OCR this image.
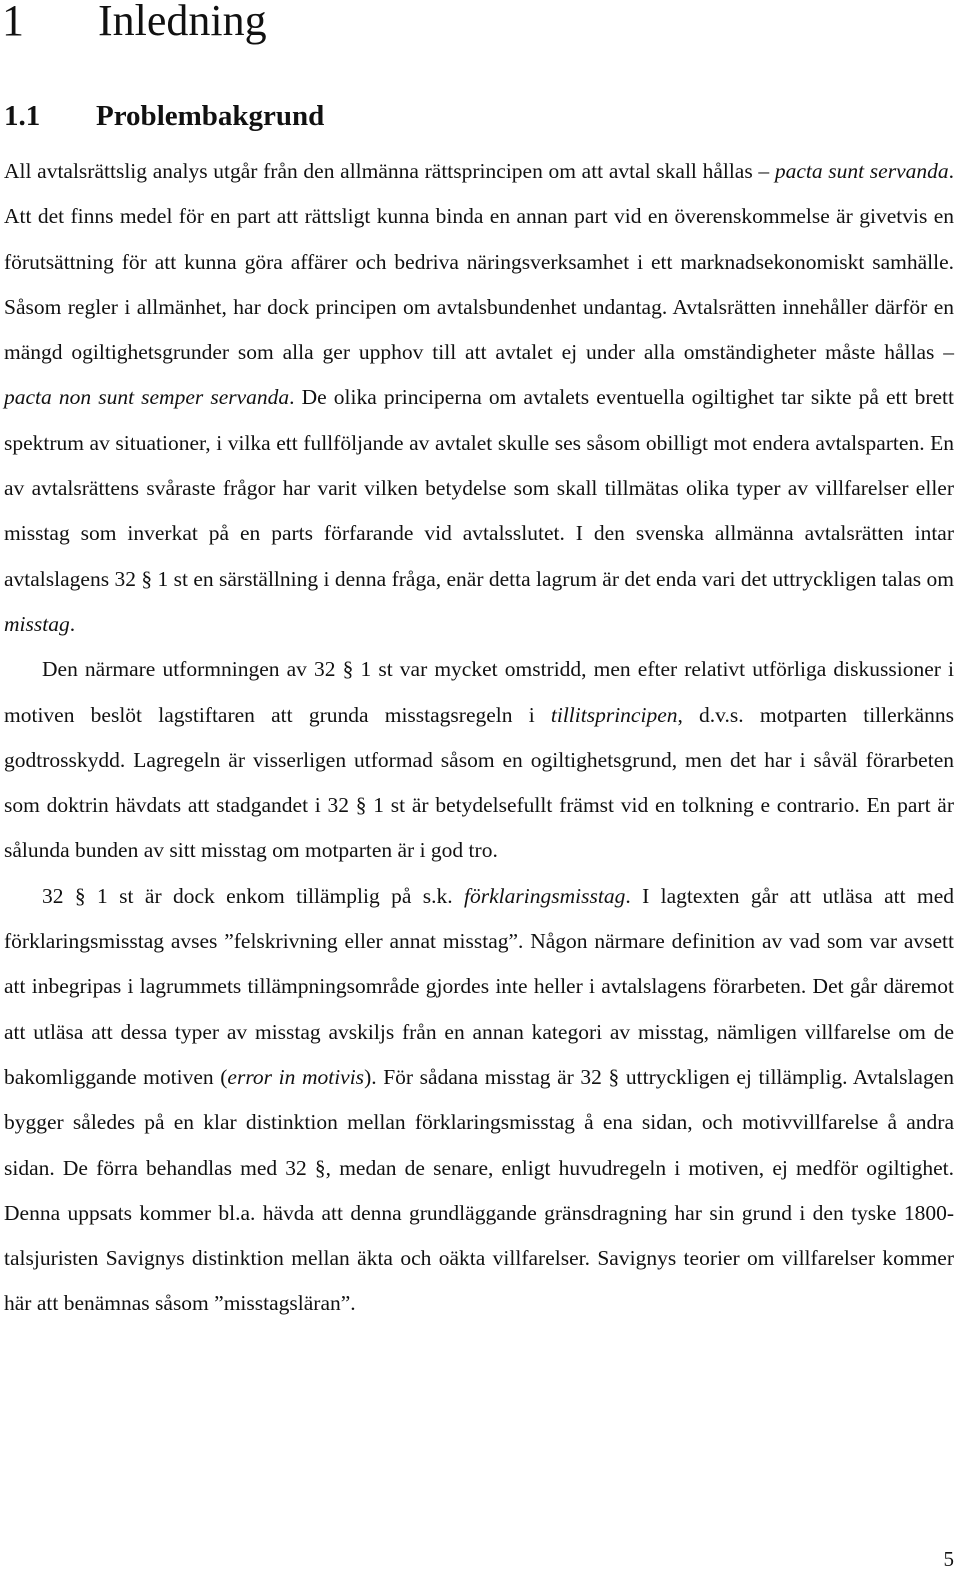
1 Inledning
1.1 Problembakgrund

All avtalsrättslig analys utgår från den allmänna rättsprincipen om att avtal skall hållas – pacta sunt servanda. Att det finns medel för en part att rättsligt kunna binda en annan part vid en överenskommelse är givetvis en förutsättning för att kunna göra affärer och bedriva näringsverksamhet i ett marknadsekonomiskt samhälle. Såsom regler i allmänhet, har dock principen om avtalsbundenhet undantag. Avtalsrätten innehåller därför en mängd ogiltighetsgrunder som alla ger upphov till att avtalet ej under alla omständigheter måste hållas – pacta non sunt semper servanda. De olika principerna om avtalets eventuella ogiltighet tar sikte på ett brett spektrum av situationer, i vilka ett fullföljande av avtalet skulle ses såsom obilligt mot endera avtalsparten. En av avtalsrättens svåraste frågor har varit vilken betydelse som skall tillmätas olika typer av villfarelser eller misstag som inverkat på en parts förfarande vid avtalsslutet. I den svenska allmänna avtalsrätten intar avtalslagens 32 § 1 st en särställning i denna fråga, enär detta lagrum är det enda vari det uttryckligen talas om misstag.

Den närmare utformningen av 32 § 1 st var mycket omstridd, men efter relativt utförliga diskussioner i motiven beslöt lagstiftaren att grunda misstagsregeln i tillitsprincipen, d.v.s. motparten tillerkänns godtrosskydd. Lagregeln är visserligen utformad såsom en ogiltighetsgrund, men det har i såväl förarbeten som doktrin hävdats att stadgandet i 32 § 1 st är betydelsefullt främst vid en tolkning e contrario. En part är sålunda bunden av sitt misstag om motparten är i god tro.

32 § 1 st är dock enkom tillämplig på s.k. förklaringsmisstag. I lagtexten går att utläsa att med förklaringsmisstag avses ”felskrivning eller annat misstag”. Någon närmare definition av vad som var avsett att inbegripas i lagrummets tillämpningsområde gjordes inte heller i avtalslagens förarbeten. Det går däremot att utläsa att dessa typer av misstag avskiljs från en annan kategori av misstag, nämligen villfarelse om de bakomliggande motiven (error in motivis). För sådana misstag är 32 § uttryckligen ej tillämplig. Avtalslagen bygger således på en klar distinktion mellan förklaringsmisstag å ena sidan, och motivvillfarelse å andra sidan. De förra behandlas med 32 §, medan de senare, enligt huvudregeln i motiven, ej medför ogiltighet. Denna uppsats kommer bl.a. hävda att denna grundläggande gränsdragning har sin grund i den tyske 1800-talsjuristen Savignys distinktion mellan äkta och oäkta villfarelser. Savignys teorier om villfarelser kommer här att benämnas såsom ”misstagsläran”.

5
